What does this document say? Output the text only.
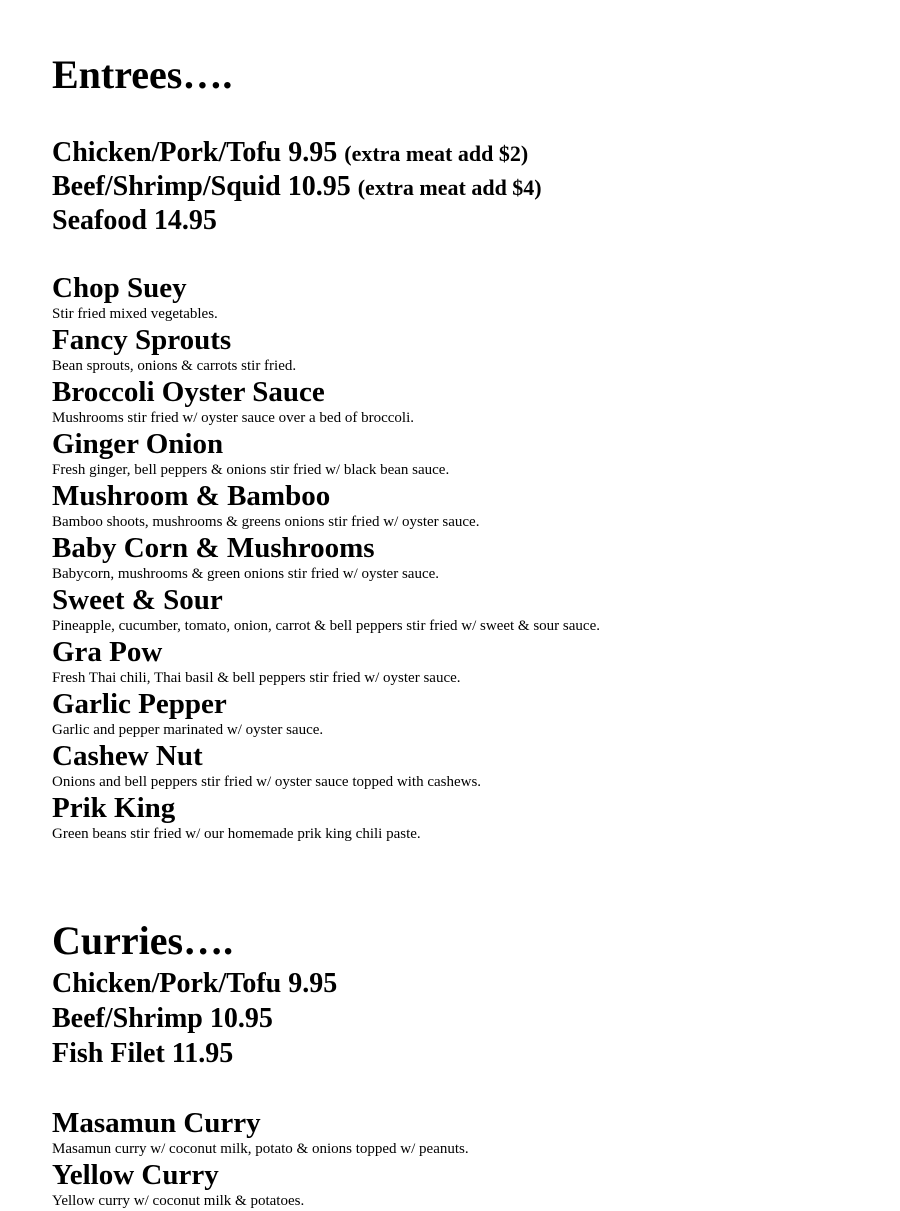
Entrees….
Chicken/Pork/Tofu 9.95 (extra meat add $2)
Beef/Shrimp/Squid 10.95 (extra meat add $4)
Seafood 14.95
Chop Suey
Stir fried mixed vegetables.
Fancy Sprouts
Bean sprouts, onions & carrots stir fried.
Broccoli Oyster Sauce
Mushrooms stir fried w/ oyster sauce over a bed of broccoli.
Ginger Onion
Fresh ginger, bell peppers & onions stir fried w/ black bean sauce.
Mushroom & Bamboo
Bamboo shoots, mushrooms & greens onions stir fried w/ oyster sauce.
Baby Corn & Mushrooms
Babycorn, mushrooms & green onions stir fried w/ oyster sauce.
Sweet & Sour
Pineapple, cucumber, tomato, onion, carrot & bell peppers stir fried w/ sweet & sour sauce.
Gra Pow
Fresh Thai chili, Thai basil & bell peppers stir fried w/ oyster sauce.
Garlic Pepper
Garlic and pepper marinated w/ oyster sauce.
Cashew Nut
Onions and bell peppers stir fried w/ oyster sauce topped with cashews.
Prik King
Green beans stir fried w/ our homemade prik king chili paste.
Curries….
Chicken/Pork/Tofu 9.95
Beef/Shrimp 10.95
Fish Filet 11.95
Masamun Curry
Masamun curry w/ coconut milk, potato & onions topped w/ peanuts.
Yellow Curry
Yellow curry w/ coconut milk & potatoes.
